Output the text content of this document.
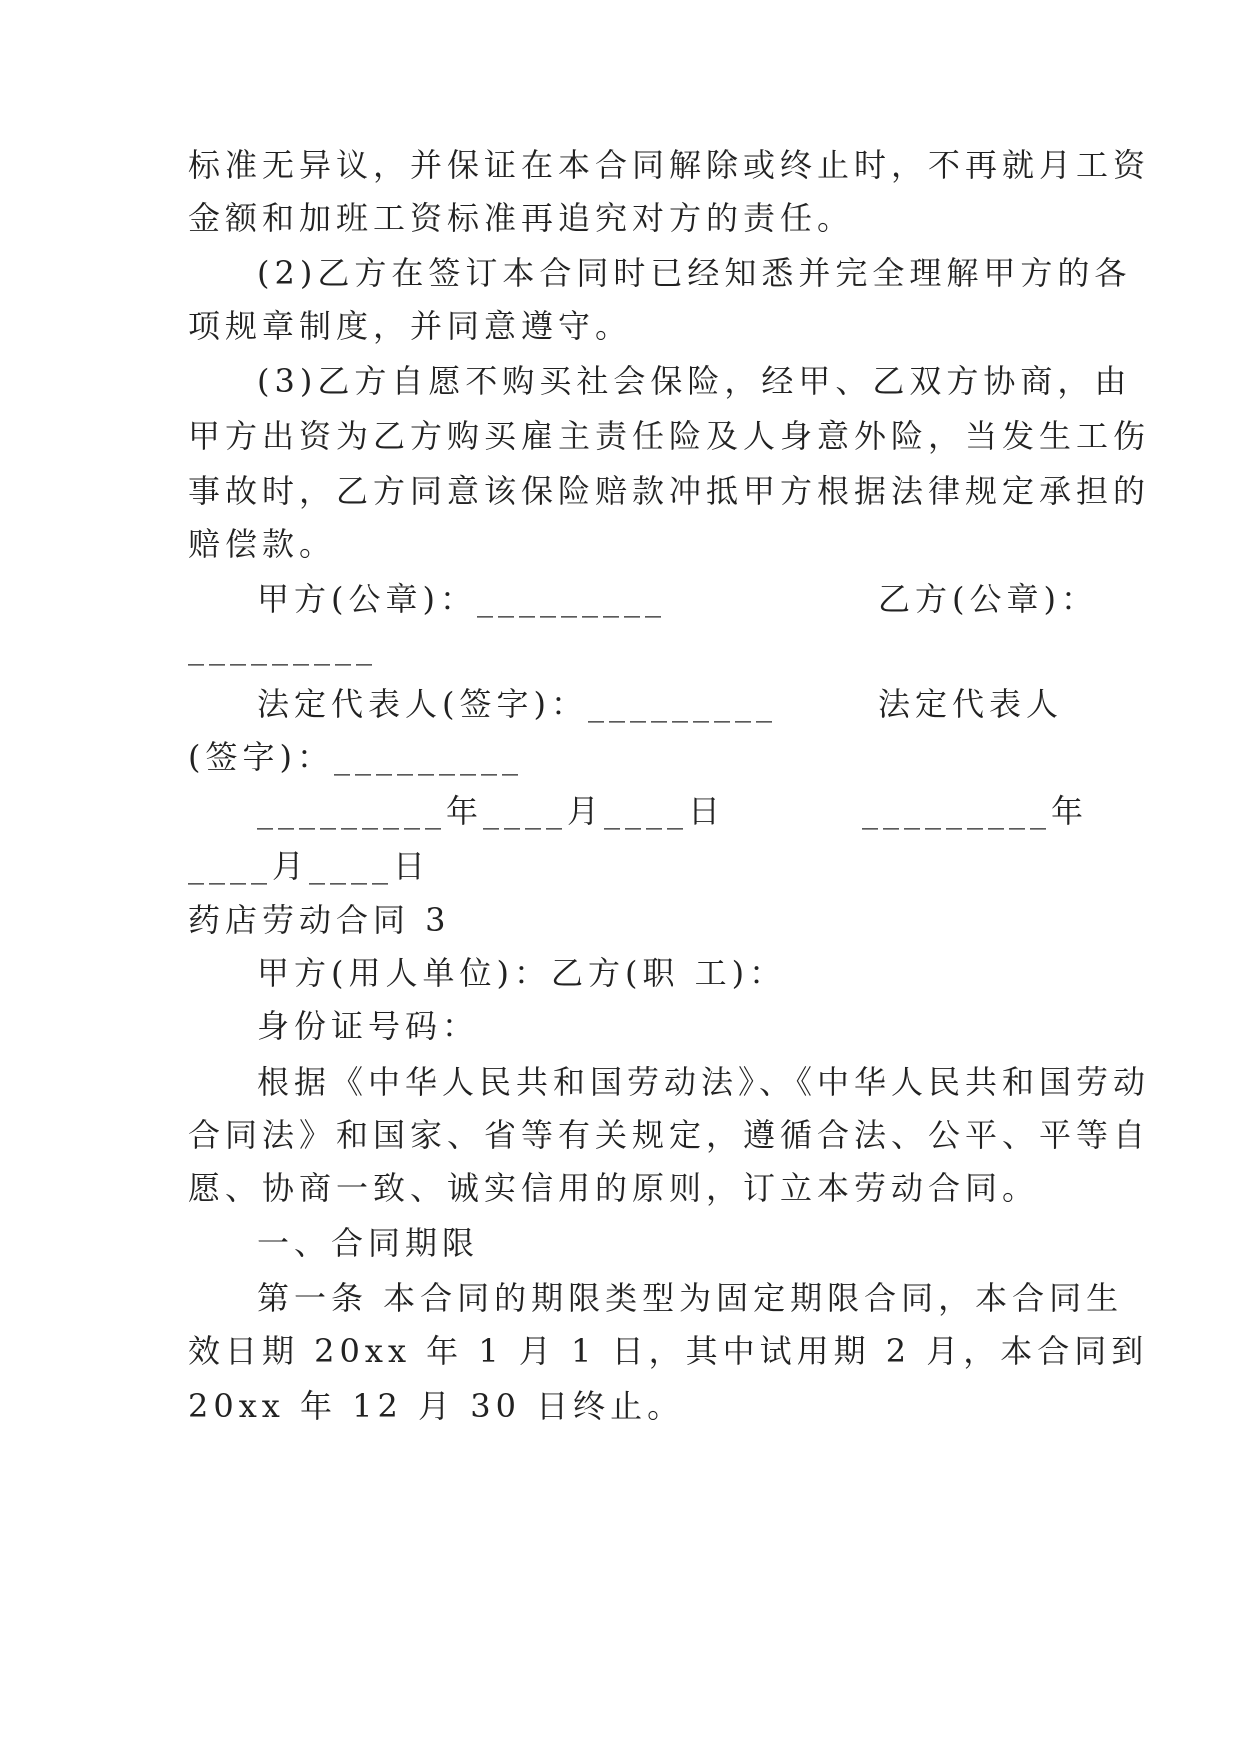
标准无异议，并保证在本合同解除或终止时，不再就月工资
金额和加班工资标准再追究对方的责任。
(2)乙方在签订本合同时已经知悉并完全理解甲方的各
项规章制度，并同意遵守。
(3)乙方自愿不购买社会保险，经甲、乙双方协商，由
甲方出资为乙方购买雇主责任险及人身意外险，当发生工伤
事故时，乙方同意该保险赔款冲抵甲方根据法律规定承担的
赔偿款。
甲方(公章)：_________	乙方(公章)：
_________
法定代表人(签字)：_________	法定代表人
(签字)：_________
_________年____月____日	_________年
____月____日
药店劳动合同 3
甲方(用人单位)：乙方(职 工)：
身份证号码：
根据《中华人民共和国劳动法》、《中华人民共和国劳动
合同法》和国家、省等有关规定，遵循合法、公平、平等自
愿、协商一致、诚实信用的原则，订立本劳动合同。
一、合同期限
第一条 本合同的期限类型为固定期限合同，本合同生
效日期 20xx 年 1 月 1 日，其中试用期 2 月，本合同到
20xx 年 12 月 30 日终止。
